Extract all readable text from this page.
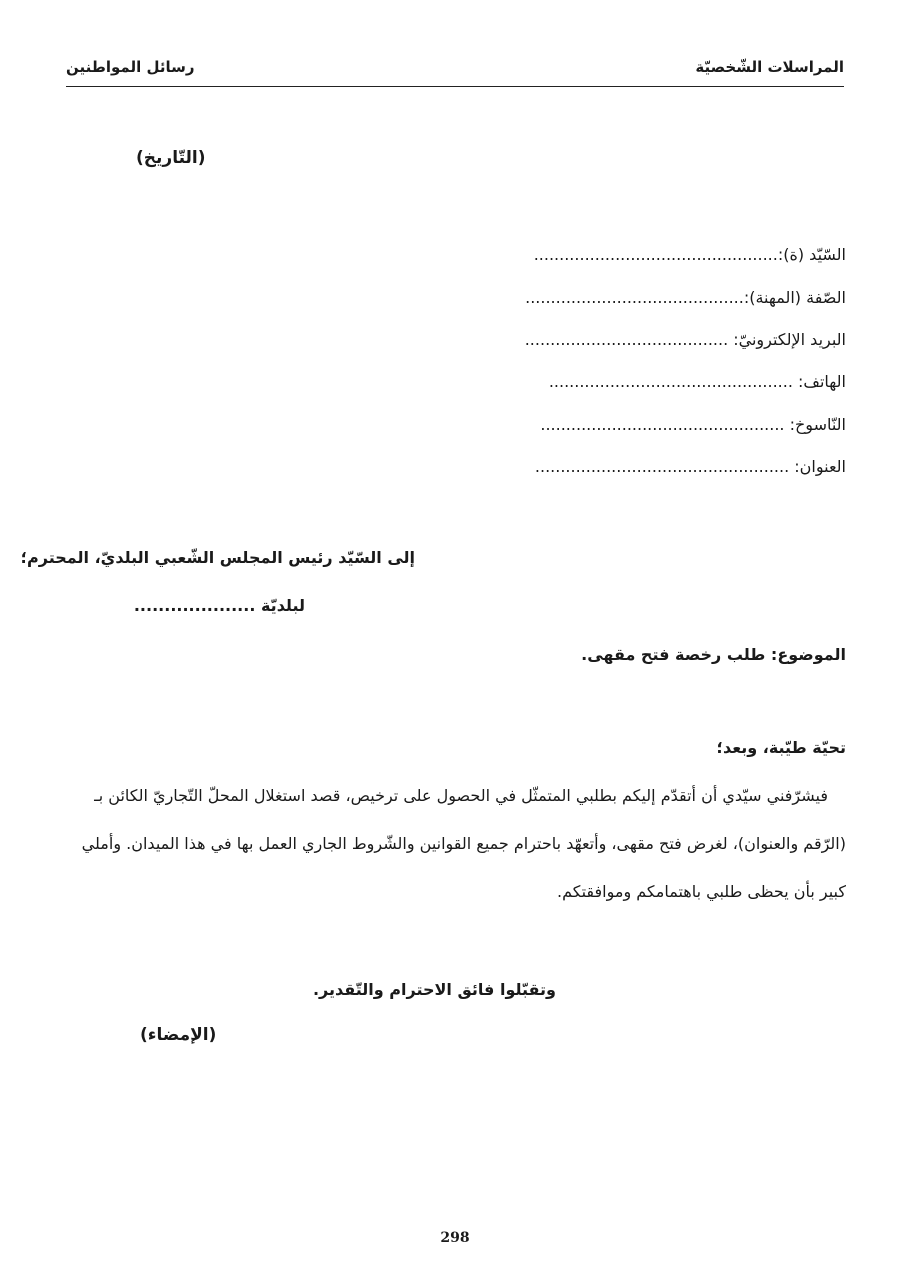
المراسلات الشّخصيّة
رسائل المواطنين
(التّاريخ)
السّيّد (ة):................................................
الصّفة (المهنة):...........................................
البريد الإلكترونيّ: ........................................
الهاتف: ................................................
النّاسوخ: ................................................
العنوان: ..................................................
إلى السّيّد رئيس المجلس الشّعبي البلديّ، المحترم؛
لبلديّة ....................
الموضوع: طلب رخصة فتح مقهى.
تحيّة طيّبة، وبعد؛
فيشرّفني سيّدي أن أتقدّم إليكم بطلبي المتمثّل في الحصول على ترخيص، قصد استغلال المحلّ التّجاريّ الكائن بـ
(الرّقم والعنوان)، لغرض فتح مقهى، وأتعهّد باحترام جميع القوانين والشّروط الجاري العمل بها في هذا الميدان. وأملي
كبير بأن يحظى طلبي باهتمامكم وموافقتكم.
وتقبّلوا فائق الاحترام والتّقدير.
(الإمضاء)
298
